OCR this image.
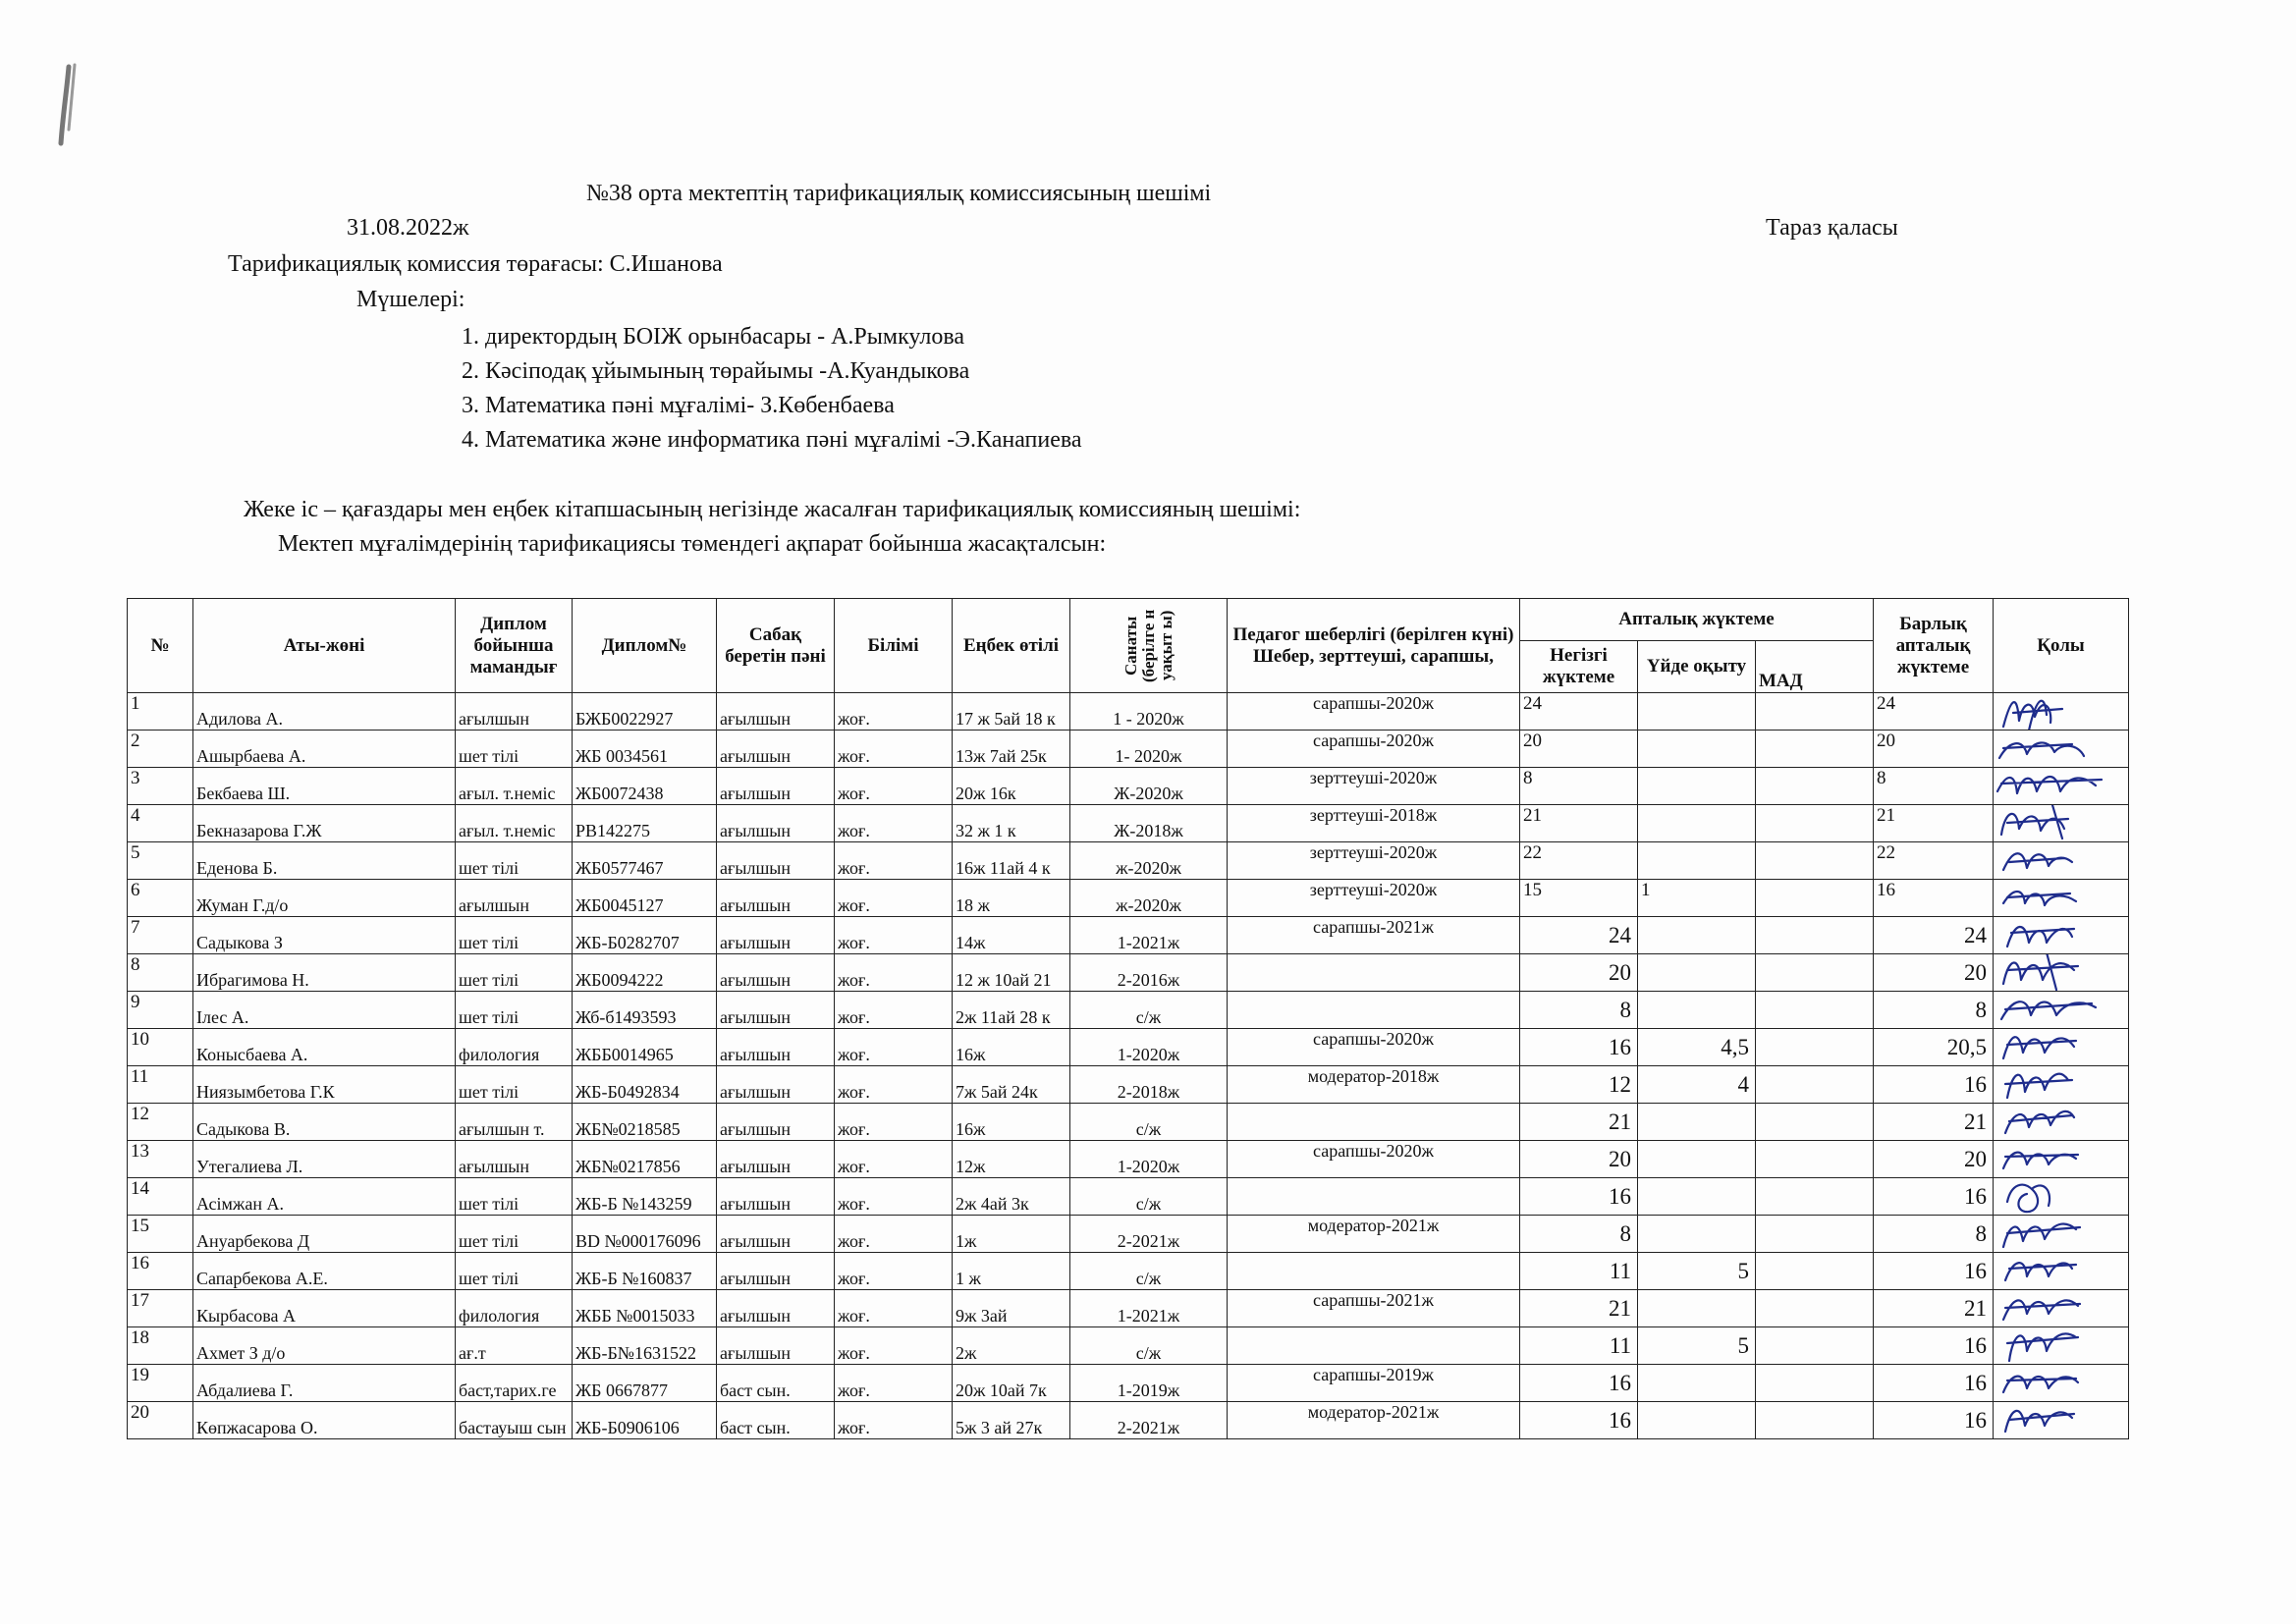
№38 орта мектептің тарификациялық комиссиясының шешімі
31.08.2022ж	Тараз қаласы
Тарификациялық комиссия төрағасы: С.Ишанова
Мүшелері:
1. директордың БОІЖ орынбасары - А.Рымкулова
2. Кәсіподақ ұйымының төрайымы -А.Куандыкова
3. Математика пәні мұғалімі- З.Көбенбаева
4. Математика және информатика пәні мұғалімі -Э.Канапиева
Жеке іс – қағаздары мен еңбек кітапшасының негізінде жасалған тарификациялық комиссияның шешімі:
Мектеп мұғалімдерінің тарификациясы төмендегі ақпарат бойынша жасақталсын:
№	Аты-жөні	Диплом бойынша мамандығ	Диплом№	Сабақ беретін пәні	Білімі	Еңбек өтілі	Санаты (берілге н уақыт ы)	Педагог шеберлігі (берілген күні) Шебер, зерттеуші, сарапшы,	Апталық жүктеме			Барлық апталық жүктеме	Қолы
									Негізгі жүктеме	Үйде оқыту	МАД		
1	Адилова А.	ағылшын	БЖБ0022927	ағылшын	жоғ.	17 ж 5ай 18 к	1 - 2020ж	сарапшы-2020ж	24			24	

2	Ашырбаева А.	шет тілі	ЖБ 0034561	ағылшын	жоғ.	13ж 7ай 25к	1- 2020ж	сарапшы-2020ж	20			20	

3	Бекбаева Ш.	ағыл. т.неміс	ЖБ0072438	ағылшын	жоғ.	20ж 16к	Ж-2020ж	зерттеуші-2020ж	8			8	

4	Бекназарова Г.Ж	ағыл. т.неміс	РВ142275	ағылшын	жоғ.	32 ж 1 к	Ж-2018ж	зерттеуші-2018ж	21			21	

5	Еденова Б.	шет тілі	ЖБ0577467	ағылшын	жоғ.	16ж 11ай 4 к	ж-2020ж	зерттеуші-2020ж	22			22	

6	Жуман Г.д/о	ағылшын	ЖБ0045127	ағылшын	жоғ.	18 ж	ж-2020ж	зерттеуші-2020ж	15	1		16	

7	Садыкова З	шет тілі	ЖБ-Б0282707	ағылшын	жоғ.	14ж	1-2021ж	сарапшы-2021ж	24			24	

8	Ибрагимова Н.	шет тілі	ЖБ0094222	ағылшын	жоғ.	12 ж 10ай 21	2-2016ж		20			20	

9	Ілес А.	шет тілі	Жб-б1493593	ағылшын	жоғ.	2ж 11ай 28 к	с/ж		8			8	

10	Конысбаева А.	филология	ЖББ0014965	ағылшын	жоғ.	16ж	1-2020ж	сарапшы-2020ж	16	4,5		20,5	

11	Ниязымбетова Г.К	шет тілі	ЖБ-Б0492834	ағылшын	жоғ.	7ж 5ай 24к	2-2018ж	модератор-2018ж	12	4		16	

12	Садыкова В.	ағылшын т.	ЖБ№0218585	ағылшын	жоғ.	16ж	с/ж		21			21	

13	Утегалиева Л.	ағылшын	ЖБ№0217856	ағылшын	жоғ.	12ж	1-2020ж	сарапшы-2020ж	20			20	

14	Асімжан А.	шет тілі	ЖБ-Б №143259	ағылшын	жоғ.	2ж 4ай 3к	с/ж		16			16	

15	Ануарбекова Д	шет тілі	BD №000176096	ағылшын	жоғ.	1ж	2-2021ж	модератор-2021ж	8			8	

16	Сапарбекова А.Е.	шет тілі	ЖБ-Б №160837	ағылшын	жоғ.	1 ж	с/ж		11	5		16	

17	Кырбасова А	филология	ЖББ №0015033	ағылшын	жоғ.	9ж 3ай	1-2021ж	сарапшы-2021ж	21			21	

18	Ахмет З д/о	ағ.т	ЖБ-Б№1631522	ағылшын	жоғ.	2ж	с/ж		11	5		16	

19	Абдалиева Г.	баст,тарих.ге	ЖБ 0667877	баст сын.	жоғ.	20ж 10ай 7к	1-2019ж	сарапшы-2019ж	16			16	

20	Көпжасарова О.	бастауыш сын	ЖБ-Б0906106	баст сын.	жоғ.	5ж 3 ай 27к	2-2021ж	модератор-2021ж	16			16	
